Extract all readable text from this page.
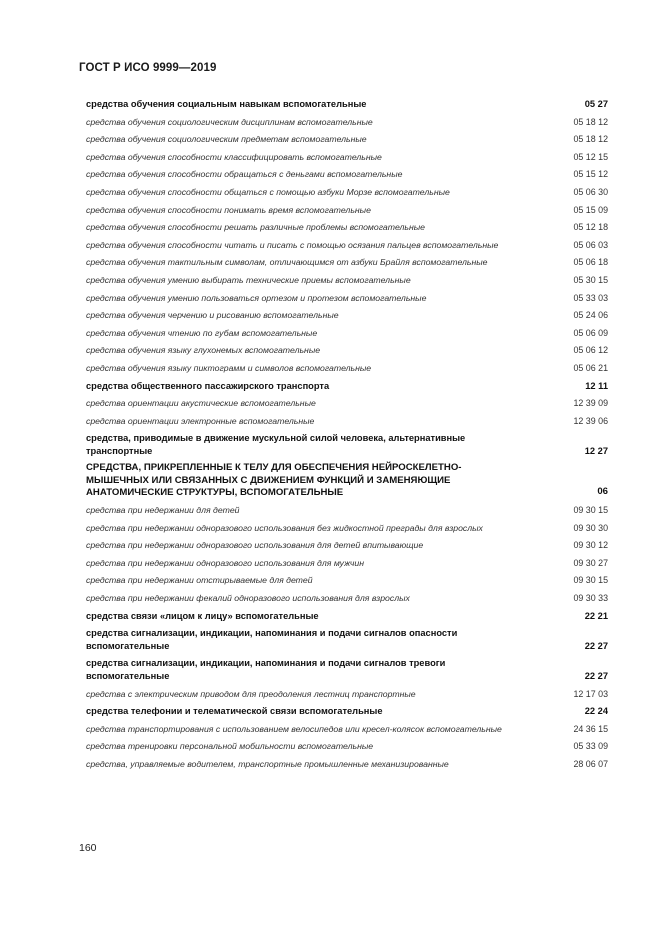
ГОСТ Р ИСО 9999—2019
средства обучения социальным навыкам вспомогательные	05 27
средства обучения социологическим дисциплинам вспомогательные	05 18 12
средства обучения социологическим предметам вспомогательные	05 18 12
средства обучения способности классифицировать вспомогательные	05 12 15
средства обучения способности обращаться с деньгами вспомогательные	05 15 12
средства обучения способности общаться с помощью азбуки Морзе вспомогательные	05 06 30
средства обучения способности понимать время вспомогательные	05 15 09
средства обучения способности решать различные проблемы вспомогательные	05 12 18
средства обучения способности читать и писать с помощью осязания пальцев вспомогательные	05 06 03
средства обучения тактильным символам, отличающимся от азбуки Брайля вспомогательные	05 06 18
средства обучения умению выбирать технические приемы вспомогательные	05 30 15
средства обучения умению пользоваться ортезом и протезом вспомогательные	05 33 03
средства обучения черчению и рисованию вспомогательные	05 24 06
средства обучения чтению по губам вспомогательные	05 06 09
средства обучения языку глухонемых вспомогательные	05 06 12
средства обучения языку пиктограмм и символов вспомогательные	05 06 21
средства общественного пассажирского транспорта	12 11
средства ориентации акустические вспомогательные	12 39 09
средства ориентации электронные вспомогательные	12 39 06
средства, приводимые в движение мускульной силой человека, альтернативные транспортные	12 27
СРЕДСТВА, ПРИКРЕПЛЕННЫЕ К ТЕЛУ ДЛЯ ОБЕСПЕЧЕНИЯ НЕЙРОСКЕЛЕТНО-МЫШЕЧНЫХ ИЛИ СВЯЗАННЫХ С ДВИЖЕНИЕМ ФУНКЦИЙ И ЗАМЕНЯЮЩИЕ АНАТОМИЧЕСКИЕ СТРУКТУРЫ, ВСПОМОГАТЕЛЬНЫЕ	06
средства при недержании для детей	09 30 15
средства при недержании одноразового использования без жидкостной преграды для взрослых	09 30 30
средства при недержании одноразового использования для детей впитывающие	09 30 12
средства при недержании одноразового использования для мужчин	09 30 27
средства при недержании отстирываемые для детей	09 30 15
средства при недержании фекалий одноразового использования для взрослых	09 30 33
средства связи «лицом к лицу» вспомогательные	22 21
средства сигнализации, индикации, напоминания и подачи сигналов опасности вспомогательные	22 27
средства сигнализации, индикации, напоминания и подачи сигналов тревоги вспомогательные	22 27
средства с электрическим приводом для преодоления лестниц транспортные	12 17 03
средства телефонии и телематической связи вспомогательные	22 24
средства транспортирования с использованием велосипедов или кресел-колясок вспомогательные	24 36 15
средства тренировки персональной мобильности вспомогательные	05 33 09
средства, управляемые водителем, транспортные промышленные механизированные	28 06 07
160
